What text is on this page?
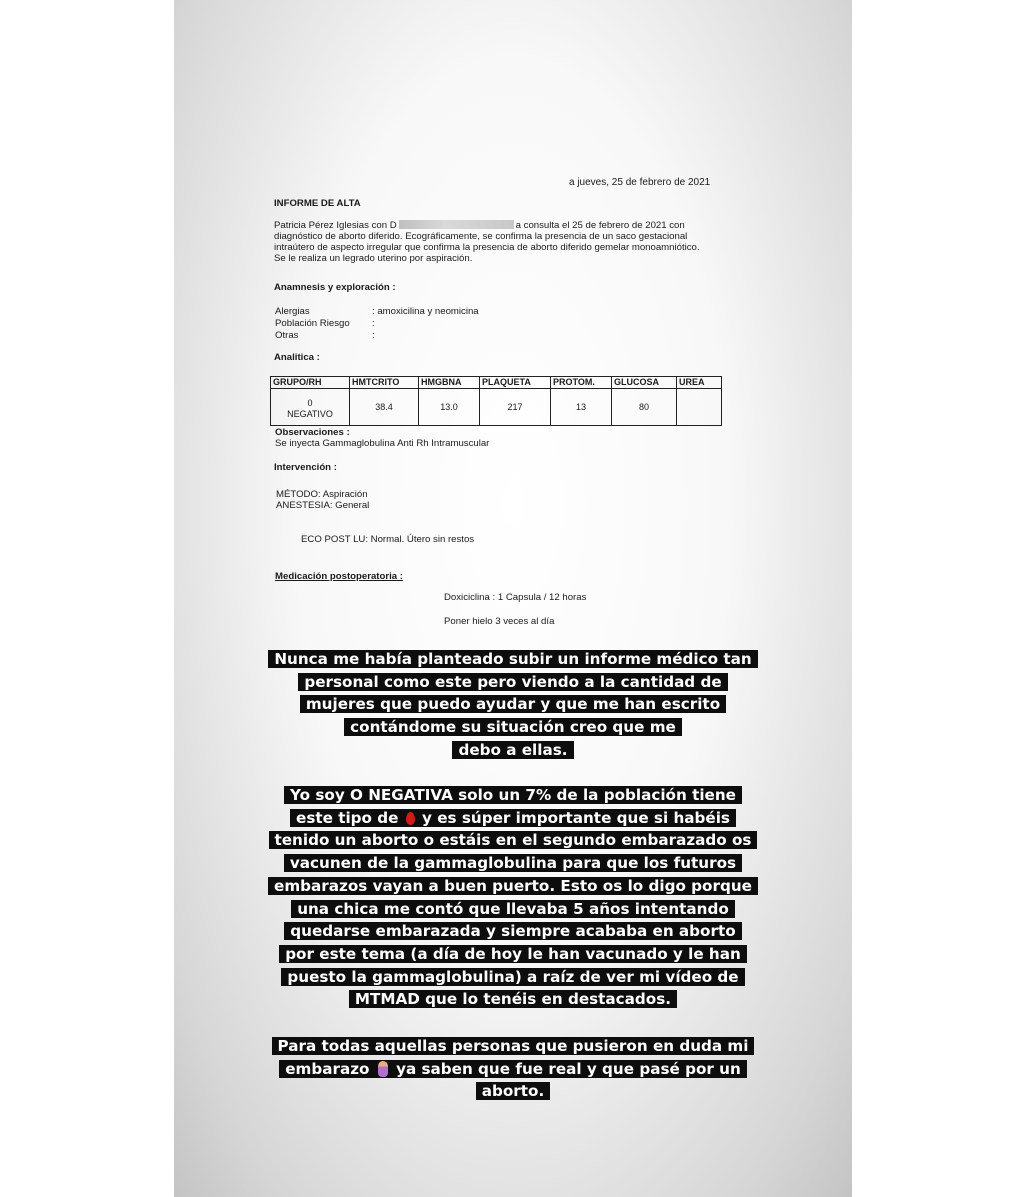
a jueves, 25 de febrero de 2021
INFORME DE ALTA
Patricia Pérez Iglesias con D	a consulta el 25 de febrero de 2021 con
diagnóstico de aborto diferido. Ecográficamente, se confirma la presencia de un saco gestacional
intraútero de aspecto irregular que confirma la presencia de aborto diferido gemelar monoamniótico.
Se le realiza un legrado uterino por aspiración.
Anamnesis y exploración :
Alergias	: amoxicilina y neomicina
Población Riesgo :
Otras	:
Analitica :
GRUPO/RH	HMTCRITO	HMGBNA	PLAQUETA	PROTOM.	GLUCOSA	UREA

0
NEGATIVO	38.4	13.0	217	13	80	
Observaciones :
Se inyecta Gammaglobulina Anti Rh Intramuscular
Intervención :
MÉTODO: Aspiración
ANESTESIA: General
ECO POST LU: Normal. Útero sin restos
Medicación postoperatoria :
Doxiciclina : 1 Capsula / 12 horas
Poner hielo 3 veces al día
Nunca me había planteado subir un informe médico tan
personal como este pero viendo a la cantidad de
mujeres que puedo ayudar y que me han escrito
contándome su situación creo que me
debo a ellas.
Yo soy O NEGATIVA solo un 7% de la población tiene
este tipo de y es súper importante que si habéis
tenido un aborto o estáis en el segundo embarazado os
vacunen de la gammaglobulina para que los futuros
embarazos vayan a buen puerto. Esto os lo digo porque
una chica me contó que llevaba 5 años intentando
quedarse embarazada y siempre acababa en aborto
por este tema (a día de hoy le han vacunado y le han
puesto la gammaglobulina) a raíz de ver mi vídeo de
MTMAD que lo tenéis en destacados.
Para todas aquellas personas que pusieron en duda mi
embarazo ya saben que fue real y que pasé por un
aborto.
